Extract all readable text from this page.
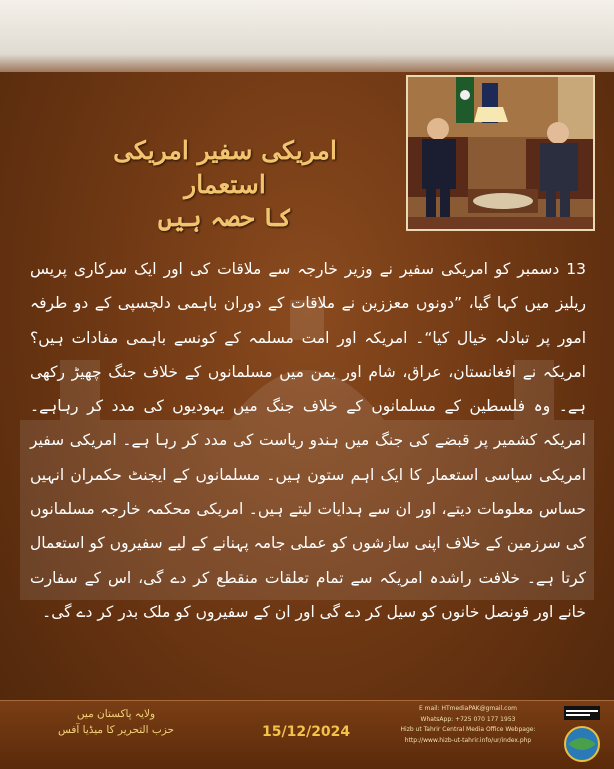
امریکی سفیر امریکی استعمار
کا حصہ ہیں

13 دسمبر کو امریکی سفیر نے وزیر خارجہ سے ملاقات کی اور ایک سرکاری پریس ریلیز میں کہا گیا، ”دونوں معززین نے ملاقات کے دوران باہمی دلچسپی کے دو طرفہ امور پر تبادلہ خیال کیا“۔ امریکہ اور امت مسلمہ کے کونسے باہمی مفادات ہیں؟ امریکہ نے افغانستان، عراق، شام اور یمن میں مسلمانوں کے خلاف جنگ چھیڑ رکھی ہے۔ وہ فلسطین کے مسلمانوں کے خلاف جنگ میں یہودیوں کی مدد کر رہاہے۔ امریکہ کشمیر پر قبضے کی جنگ میں ہندو ریاست کی مدد کر رہا ہے۔ امریکی سفیر امریکی سیاسی استعمار کا ایک اہم ستون ہیں۔ مسلمانوں کے ایجنٹ حکمران انہیں حساس معلومات دیتے، اور ان سے ہدایات لیتے ہیں۔ امریکی محکمہ خارجہ مسلمانوں کی سرزمین کے خلاف اپنی سازشوں کو عملی جامہ پہنانے کے لیے سفیروں کو استعمال کرتا ہے۔ خلافت راشدہ امریکہ سے تمام تعلقات منقطع کر دے گی، اس کے سفارت خانے اور قونصل خانوں کو سیل کر دے گی اور ان کے سفیروں کو ملک بدر کر دے گی۔

ولایہ پاکستان میں
حزب التحریر کا میڈیا آفس	15/12/2024
E mail: HTmediaPAK@gmail.com
WhatsApp: +725 070 177 1953
Hizb ut Tahrir Central Media Office Webpage:
http://www.hizb-ut-tahrir.info/ur/index.php
